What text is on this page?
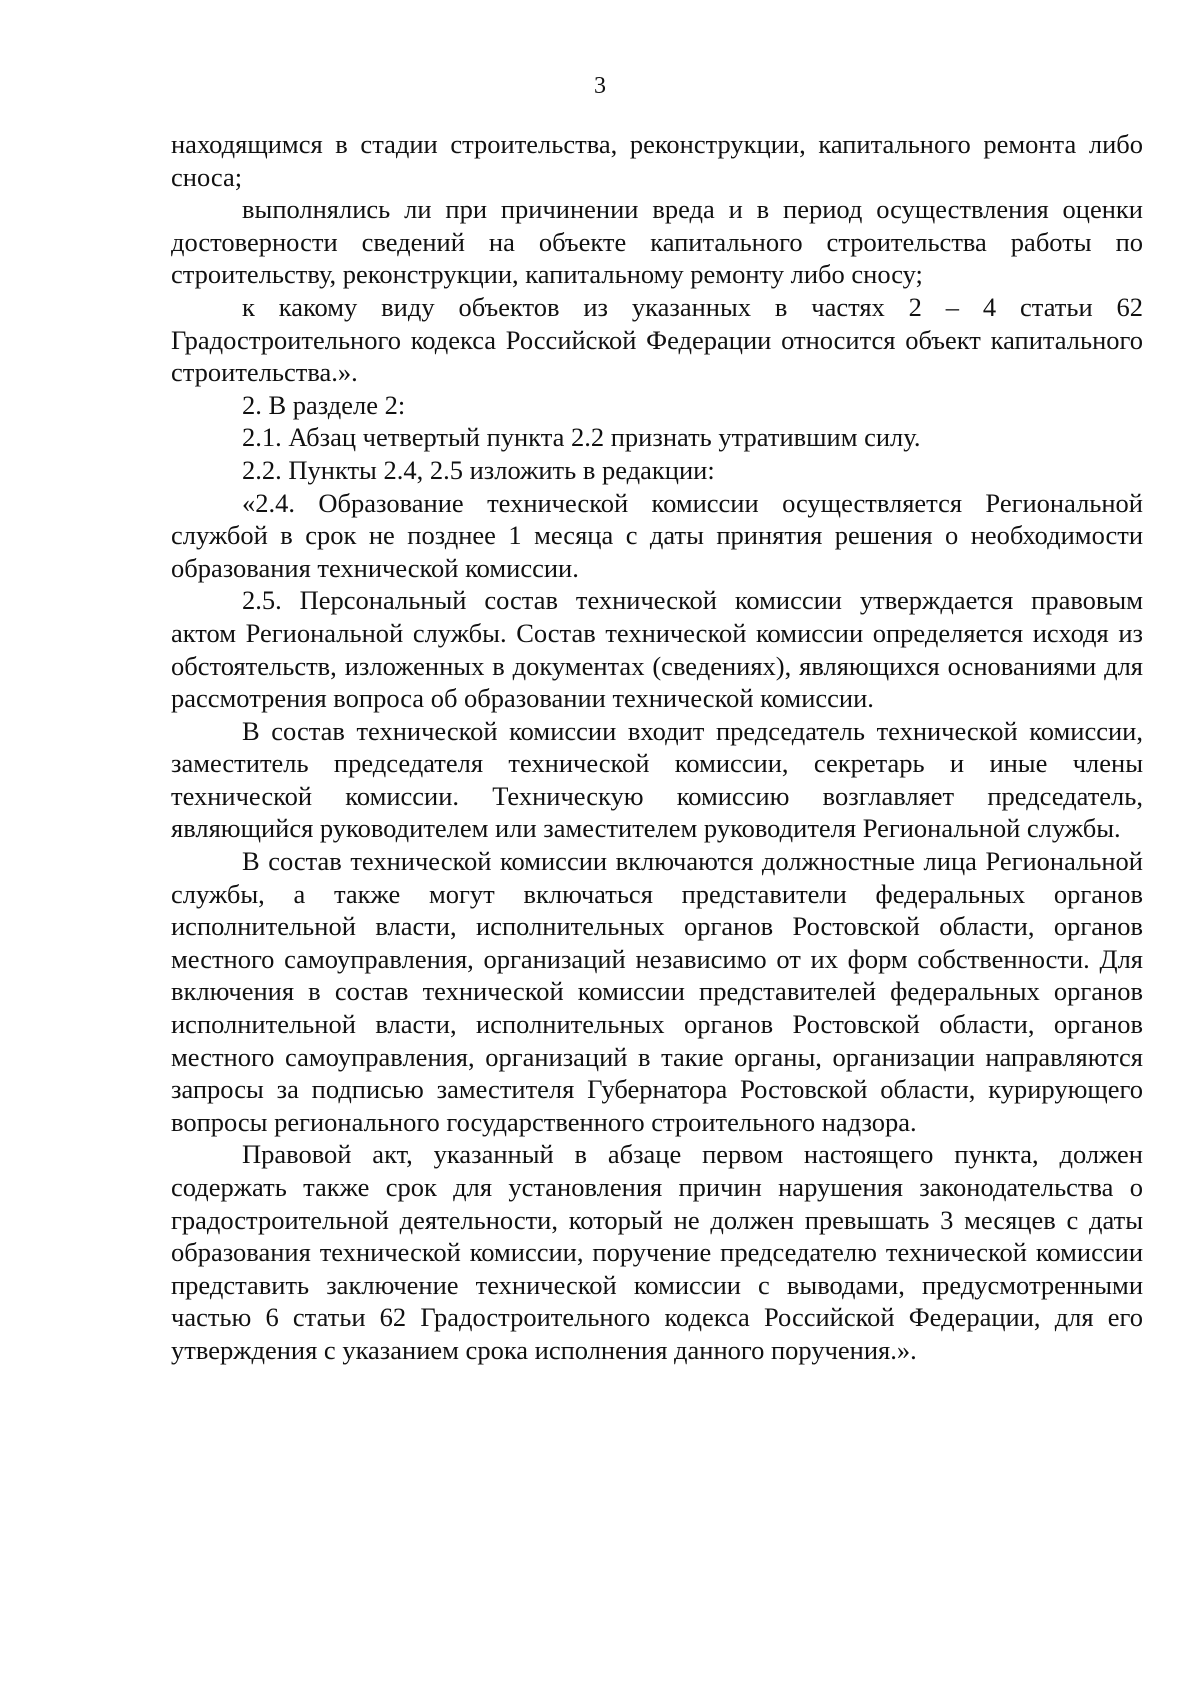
3

находящимся в стадии строительства, реконструкции, капитального ремонта либо сноса;

выполнялись ли при причинении вреда и в период осуществления оценки достоверности сведений на объекте капитального строительства работы по строительству, реконструкции, капитальному ремонту либо сносу;

к какому виду объектов из указанных в частях 2 – 4 статьи 62 Градостроительного кодекса Российской Федерации относится объект капитального строительства.».

2. В разделе 2:

2.1. Абзац четвертый пункта 2.2 признать утратившим силу.

2.2. Пункты 2.4, 2.5 изложить в редакции:

«2.4. Образование технической комиссии осуществляется Региональной службой в срок не позднее 1 месяца с даты принятия решения о необходимости образования технической комиссии.

2.5. Персональный состав технической комиссии утверждается правовым актом Региональной службы. Состав технической комиссии определяется исходя из обстоятельств, изложенных в документах (сведениях), являющихся основаниями для рассмотрения вопроса об образовании технической комиссии.

В состав технической комиссии входит председатель технической комиссии, заместитель председателя технической комиссии, секретарь и иные члены технической комиссии. Техническую комиссию возглавляет председатель, являющийся руководителем или заместителем руководителя Региональной службы.

В состав технической комиссии включаются должностные лица Региональной службы, а также могут включаться представители федеральных органов исполнительной власти, исполнительных органов Ростовской области, органов местного самоуправления, организаций независимо от их форм собственности. Для включения в состав технической комиссии представителей федеральных органов исполнительной власти, исполнительных органов Ростовской области, органов местного самоуправления, организаций в такие органы, организации направляются запросы за подписью заместителя Губернатора Ростовской области, курирующего вопросы регионального государственного строительного надзора.

Правовой акт, указанный в абзаце первом настоящего пункта, должен содержать также срок для установления причин нарушения законодательства о градостроительной деятельности, который не должен превышать 3 месяцев с даты образования технической комиссии, поручение председателю технической комиссии представить заключение технической комиссии с выводами, предусмотренными частью 6 статьи 62 Градостроительного кодекса Российской Федерации, для его утверждения с указанием срока исполнения данного поручения.».
